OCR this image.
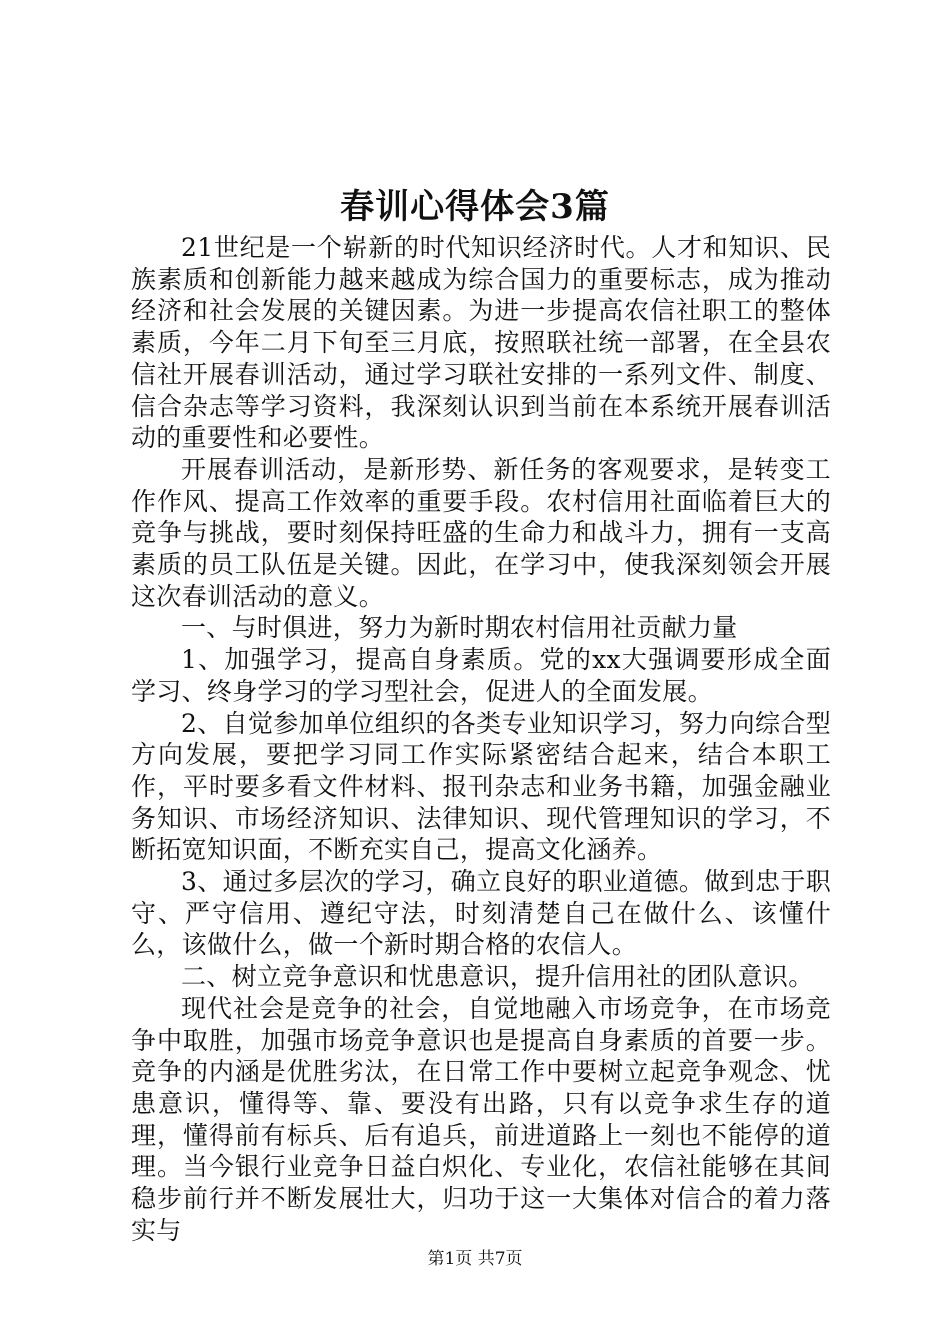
春训心得体会3篇

21世纪是一个崭新的时代知识经济时代。人才和知识、民族素质和创新能力越来越成为综合国力的重要标志，成为推动经济和社会发展的关键因素。为进一步提高农信社职工的整体素质，今年二月下旬至三月底，按照联社统一部署，在全县农信社开展春训活动，通过学习联社安排的一系列文件、制度、信合杂志等学习资料，我深刻认识到当前在本系统开展春训活动的重要性和必要性。

开展春训活动，是新形势、新任务的客观要求，是转变工作作风、提高工作效率的重要手段。农村信用社面临着巨大的竞争与挑战，要时刻保持旺盛的生命力和战斗力，拥有一支高素质的员工队伍是关键。因此，在学习中，使我深刻领会开展这次春训活动的意义。

一、与时俱进，努力为新时期农村信用社贡献力量

1、加强学习，提高自身素质。党的xx大强调要形成全面学习、终身学习的学习型社会，促进人的全面发展。

2、自觉参加单位组织的各类专业知识学习，努力向综合型方向发展，要把学习同工作实际紧密结合起来，结合本职工作，平时要多看文件材料、报刊杂志和业务书籍，加强金融业务知识、市场经济知识、法律知识、现代管理知识的学习，不断拓宽知识面，不断充实自己，提高文化涵养。

3、通过多层次的学习，确立良好的职业道德。做到忠于职守、严守信用、遵纪守法，时刻清楚自己在做什么、该懂什么，该做什么，做一个新时期合格的农信人。

二、树立竞争意识和忧患意识，提升信用社的团队意识。

现代社会是竞争的社会，自觉地融入市场竞争，在市场竞争中取胜，加强市场竞争意识也是提高自身素质的首要一步。竞争的内涵是优胜劣汰，在日常工作中要树立起竞争观念、忧患意识，懂得等、靠、要没有出路，只有以竞争求生存的道理，懂得前有标兵、后有追兵，前进道路上一刻也不能停的道理。当今银行业竞争日益白炽化、专业化，农信社能够在其间稳步前行并不断发展壮大，归功于这一大集体对信合的着力落实与

第1页 共7页
